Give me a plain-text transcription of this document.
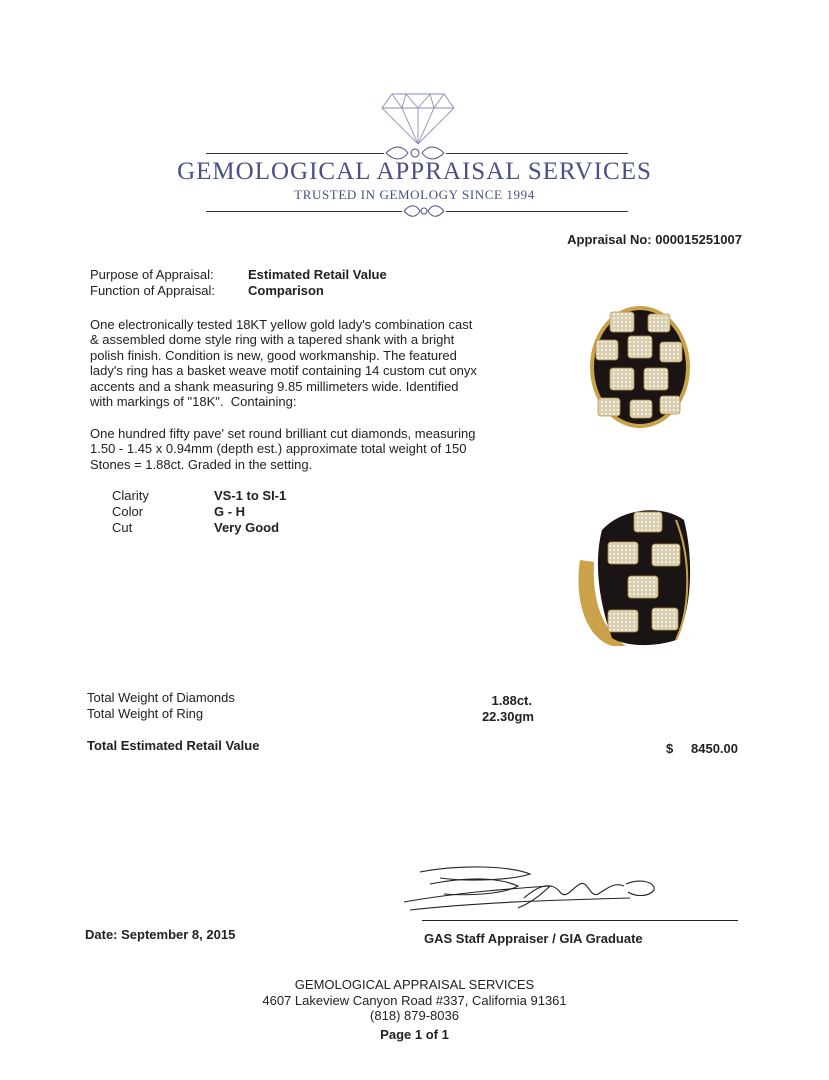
GEMOLOGICAL APPRAISAL SERVICES
TRUSTED IN GEMOLOGY SINCE 1994
Appraisal No: 000015251007
Purpose of Appraisal:	Estimated Retail Value
Function of Appraisal:	Comparison
One electronically tested 18KT yellow gold lady's combination cast
& assembled dome style ring with a tapered shank with a bright
polish finish. Condition is new, good workmanship. The featured
lady's ring has a basket weave motif containing 14 custom cut onyx
accents and a shank measuring 9.85 millimeters wide. Identified
with markings of "18K".  Containing:
One hundred fifty pave' set round brilliant cut diamonds, measuring
1.50 - 1.45 x 0.94mm (depth est.) approximate total weight of 150
Stones = 1.88ct. Graded in the setting.
Clarity	VS-1 to SI-1
Color	G - H
Cut	Very Good
Total Weight of Diamonds	1.88ct.
Total Weight of Ring	22.30gm
Total Estimated Retail Value	$	8450.00
Date: September 8, 2015	GAS Staff Appraiser / GIA Graduate
GEMOLOGICAL APPRAISAL SERVICES
4607 Lakeview Canyon Road #337, California 91361
(818) 879-8036
Page 1 of 1
